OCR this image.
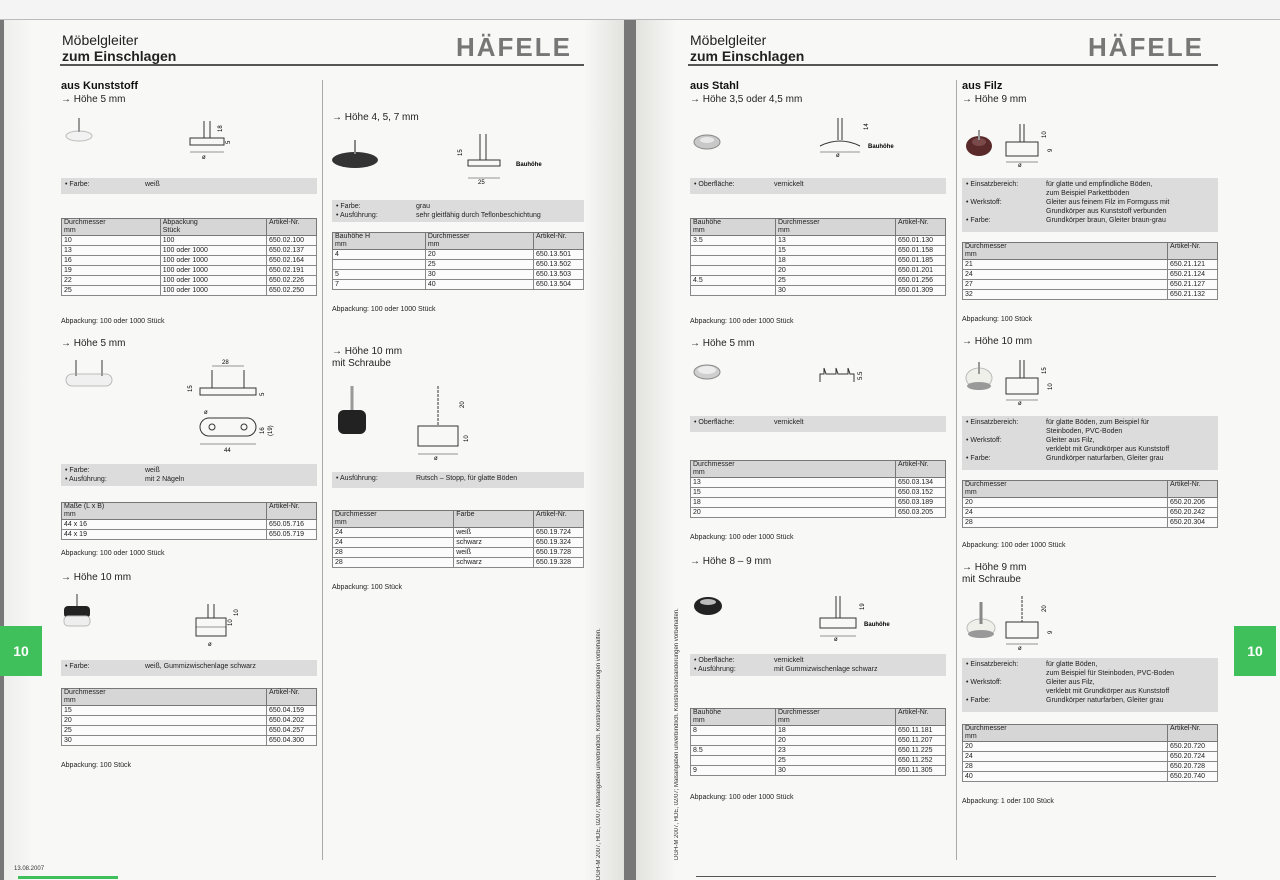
Möbelgleiter
zum Einschlagen	HÄFELE
aus Kunststoff
→ Höhe 5 mm
ø
18
5
• Farbe:	weiß
Durchmesser
mm	Abpackung
Stück	Artikel-Nr.
10	100	650.02.100
13	100 oder 1000	650.02.137
16	100 oder 1000	650.02.164
19	100 oder 1000	650.02.191
22	100 oder 1000	650.02.226
25	100 oder 1000	650.02.250
Abpackung: 100 oder 1000 Stück
→ Höhe 5 mm
28
15
5
16 (19)
44
ø
• Farbe:	weiß
• Ausführung:	mit 2 Nägeln
Maße (L x B)
mm	Artikel-Nr.
44 x 16	650.05.716
44 x 19	650.05.719
Abpackung: 100 oder 1000 Stück
→ Höhe 10 mm
ø
10
10
• Farbe:	weiß, Gummizwischenlage schwarz
Durchmesser
mm	Artikel-Nr.
15	650.04.159
20	650.04.202
25	650.04.257
30	650.04.300
Abpackung: 100 Stück
→ Höhe 4, 5, 7 mm
25
15
Bauhöhe
• Farbe:	grau
• Ausführung:	sehr gleitfähig durch Teflonbeschichtung
Bauhöhe H
mm	Durchmesser
mm	Artikel-Nr.
4	20	650.13.501
	25	650.13.502
5	30	650.13.503
7	40	650.13.504
Abpackung: 100 oder 1000 Stück
→ Höhe 10 mm
mit Schraube
ø
20
10
• Ausführung:	Rutsch – Stopp, für glatte Böden
Durchmesser
mm	Farbe	Artikel-Nr.
24	weiß	650.19.724
24	schwarz	650.19.324
28	weiß	650.19.728
28	schwarz	650.19.328
Abpackung: 100 Stück
DGH-M 2007, HDE, 02/07; Maßangaben unverbindlich. Konstruktionsänderungen vorbehalten.
13.08.2007
10
Möbelgleiter
zum Einschlagen	HÄFELE
aus Stahl
→ Höhe 3,5 oder 4,5 mm
ø
14
Bauhöhe
• Oberfläche:	vernickelt
Bauhöhe
mm	Durchmesser
mm	Artikel-Nr.
3.5	13	650.01.130
	15	650.01.158
	18	650.01.185
	20	650.01.201
4.5	25	650.01.256
	30	650.01.309
Abpackung: 100 oder 1000 Stück
→ Höhe 5 mm
5.5
• Oberfläche:	vernickelt
Durchmesser
mm	Artikel-Nr.
13	650.03.134
15	650.03.152
18	650.03.189
20	650.03.205
Abpackung: 100 oder 1000 Stück
→ Höhe 8 – 9 mm
ø
19
Bauhöhe
• Oberfläche:	vernickelt
• Ausführung:	mit Gummizwischenlage schwarz
Bauhöhe
mm	Durchmesser
mm	Artikel-Nr.
8	18	650.11.181
	20	650.11.207
8.5	23	650.11.225
	25	650.11.252
9	30	650.11.305
Abpackung: 100 oder 1000 Stück
aus Filz
→ Höhe 9 mm
ø
10
9
• Einsatzbereich:	für glatte und empfindliche Böden,
zum Beispiel Parkettböden
• Werkstoff:	Gleiter aus feinem Filz im Formguss mit
Grundkörper aus Kunststoff verbunden
• Farbe:	Grundkörper braun, Gleiter braun-grau
Durchmesser
mm	Artikel-Nr.
21	650.21.121
24	650.21.124
27	650.21.127
32	650.21.132
Abpackung: 100 Stück
→ Höhe 10 mm
ø
15
10
• Einsatzbereich:	für glatte Böden, zum Beispiel für
Steinboden, PVC-Boden
• Werkstoff:	Gleiter aus Filz,
verklebt mit Grundkörper aus Kunststoff
• Farbe:	Grundkörper naturfarben, Gleiter grau
Durchmesser
mm	Artikel-Nr.
20	650.20.206
24	650.20.242
28	650.20.304
Abpackung: 100 oder 1000 Stück
→ Höhe 9 mm
mit Schraube
ø
20
9
• Einsatzbereich:	für glatte Böden,
zum Beispiel für Steinboden, PVC-Boden
• Werkstoff:	Gleiter aus Filz,
verklebt mit Grundkörper aus Kunststoff
• Farbe:	Grundkörper naturfarben, Gleiter grau
Durchmesser
mm	Artikel-Nr.
20	650.20.720
24	650.20.724
28	650.20.728
40	650.20.740
Abpackung: 1 oder 100 Stück
DGH-M 2007, HDE, 02/07; Maßangaben unverbindlich. Konstruktionsänderungen vorbehalten.	10
